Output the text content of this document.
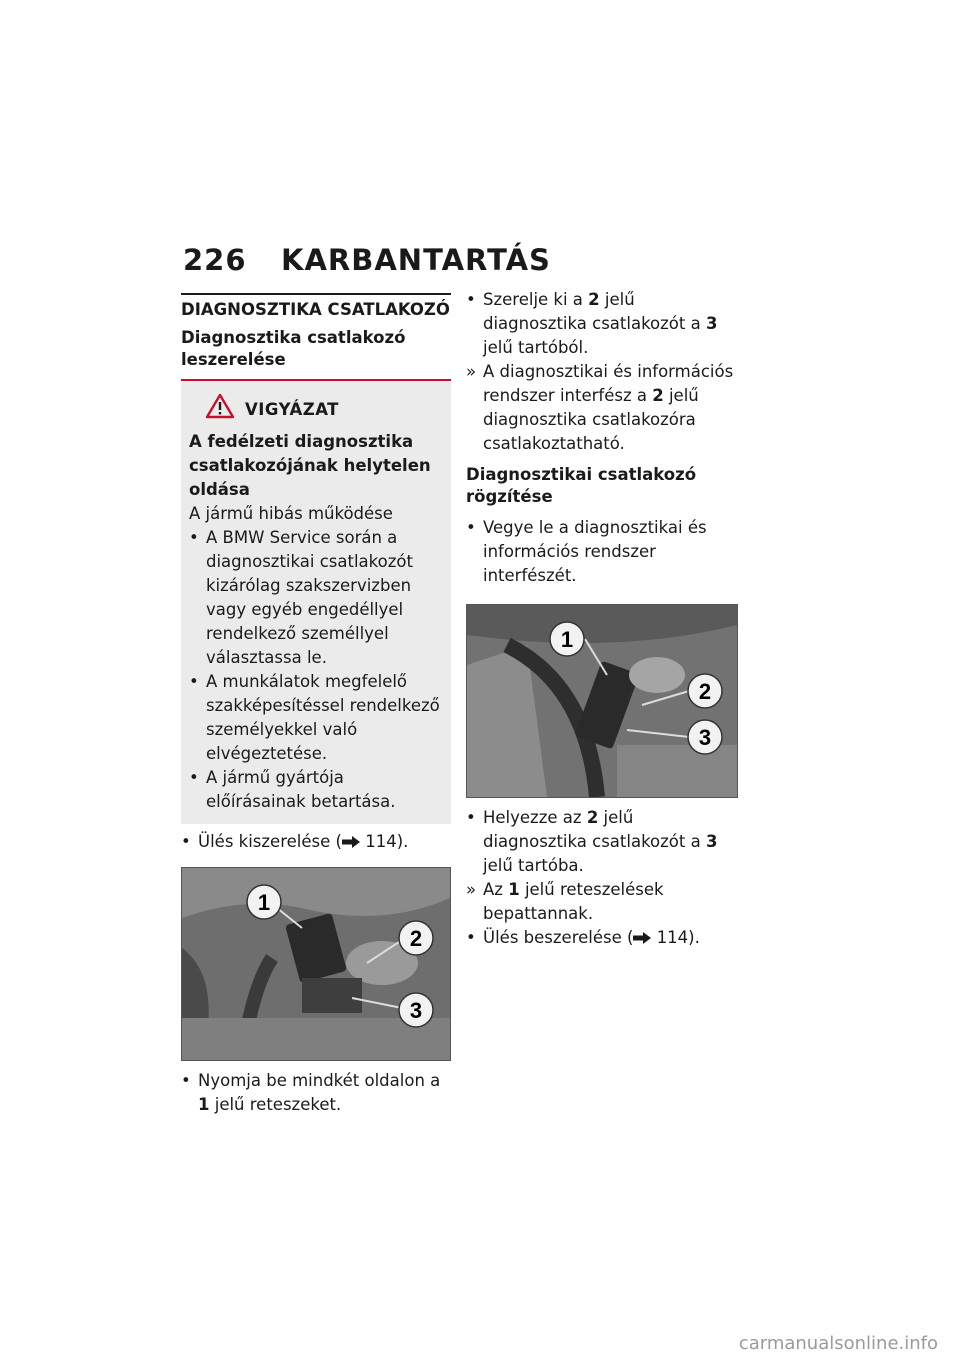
226 KARBANTARTÁS
DIAGNOSZTIKA CSATLAKOZÓ
Diagnosztika csatlakozó leszerelése
VIGYÁZAT
A fedélzeti diagnosztika csatlakozójának helytelen oldása
A jármű hibás működése
• A BMW Service során a diagnosztikai csatlakozót kizárólag szakszervizben vagy egyéb engedéllyel rendelkező személlyel választassa le.
• A munkálatok megfelelő szakképesítéssel rendelkező személyekkel való elvégeztetése.
• A jármű gyártója előírásainak betartása.
• Ülés kiszerelése ( 114).
1
2
3
• Nyomja be mindkét oldalon a 1 jelű reteszeket.
• Szerelje ki a 2 jelű diagnosztika csatlakozót a 3 jelű tartóból.
» A diagnosztikai és információs rendszer interfész a 2 jelű diagnosztika csatlakozóra csatlakoztatható.
Diagnosztikai csatlakozó rögzítése
• Vegye le a diagnosztikai és információs rendszer interfészét.
1
2
3
• Helyezze az 2 jelű diagnosztika csatlakozót a 3 jelű tartóba.
» Az 1 jelű reteszelések bepattannak.
• Ülés beszerelése ( 114).
carmanualsonline.info
